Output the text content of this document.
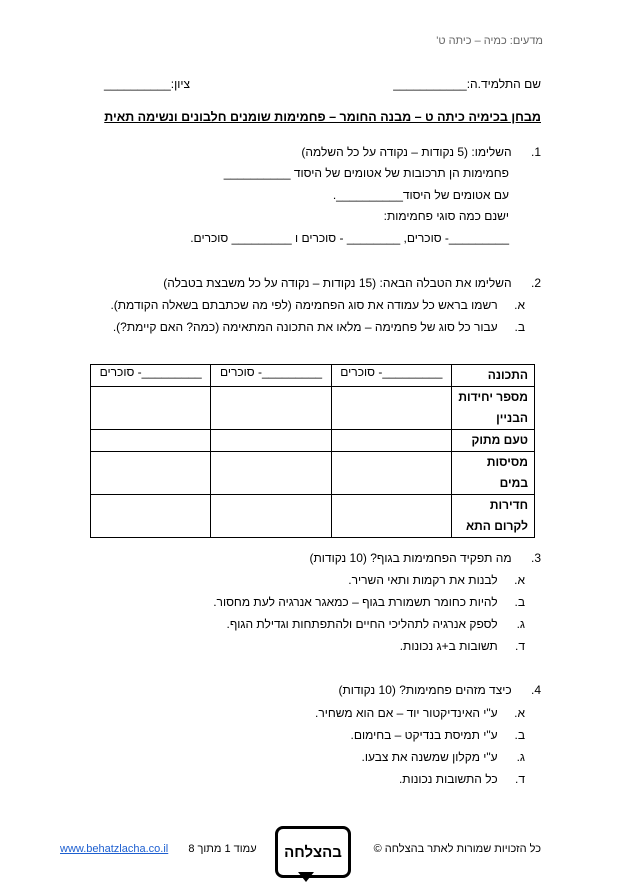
מדעים: כמיה – כיתה ט'
שם התלמיד.ה:___________
ציון:__________
מבחן בכימיה כיתה ט – מבנה החומר – פחמימות שומנים חלבונים ונשימה תאית
1. השלימו: (5 נקודות – נקודה על כל השלמה)
פחמימות הן תרכובות של אטומים של היסוד __________
עם אטומים של היסוד__________.
ישנם כמה סוגי פחמימות:
_________- סוכרים, ________ - סוכרים ו _________ סוכרים.
2. השלימו את הטבלה הבאה: (15 נקודות – נקודה על כל משבצת בטבלה)
א. רשמו בראש כל עמודה את סוג הפחמימה (לפי מה שכתבתם בשאלה הקודמת).
ב. עבור כל סוג של פחמימה – מלאו את התכונה המתאימה (כמה? האם קיימת?).
התכונה	_________- סוכרים	_________- סוכרים	_________- סוכרים
מספר יחידות הבניין			
טעם מתוק			
מסיסות במים			
חדירות לקרום התא			
3. מה תפקיד הפחמימות בגוף? (10 נקודות)
א. לבנות את רקמות ותאי השריר.
ב. להיות כחומר תשמורת בגוף – כמאגר אנרגיה לעת מחסור.
ג. לספק אנרגיה לתהליכי החיים ולהתפתחות וגדילת הגוף.
ד. תשובות ב+ג נכונות.
4. כיצד מזהים פחמימות? (10 נקודות)
א. ע"י האינדיקטור יוד – אם הוא משחיר.
ב. ע"י תמיסת בנדיקט – בחימום.
ג. ע"י מקלון שמשנה את צבעו.
ד. כל התשובות נכונות.
כל הזכויות שמורות לאתר בהצלחה ©
בהצלחה
עמוד 1 מתוך 8  www.behatzlacha.co.il
